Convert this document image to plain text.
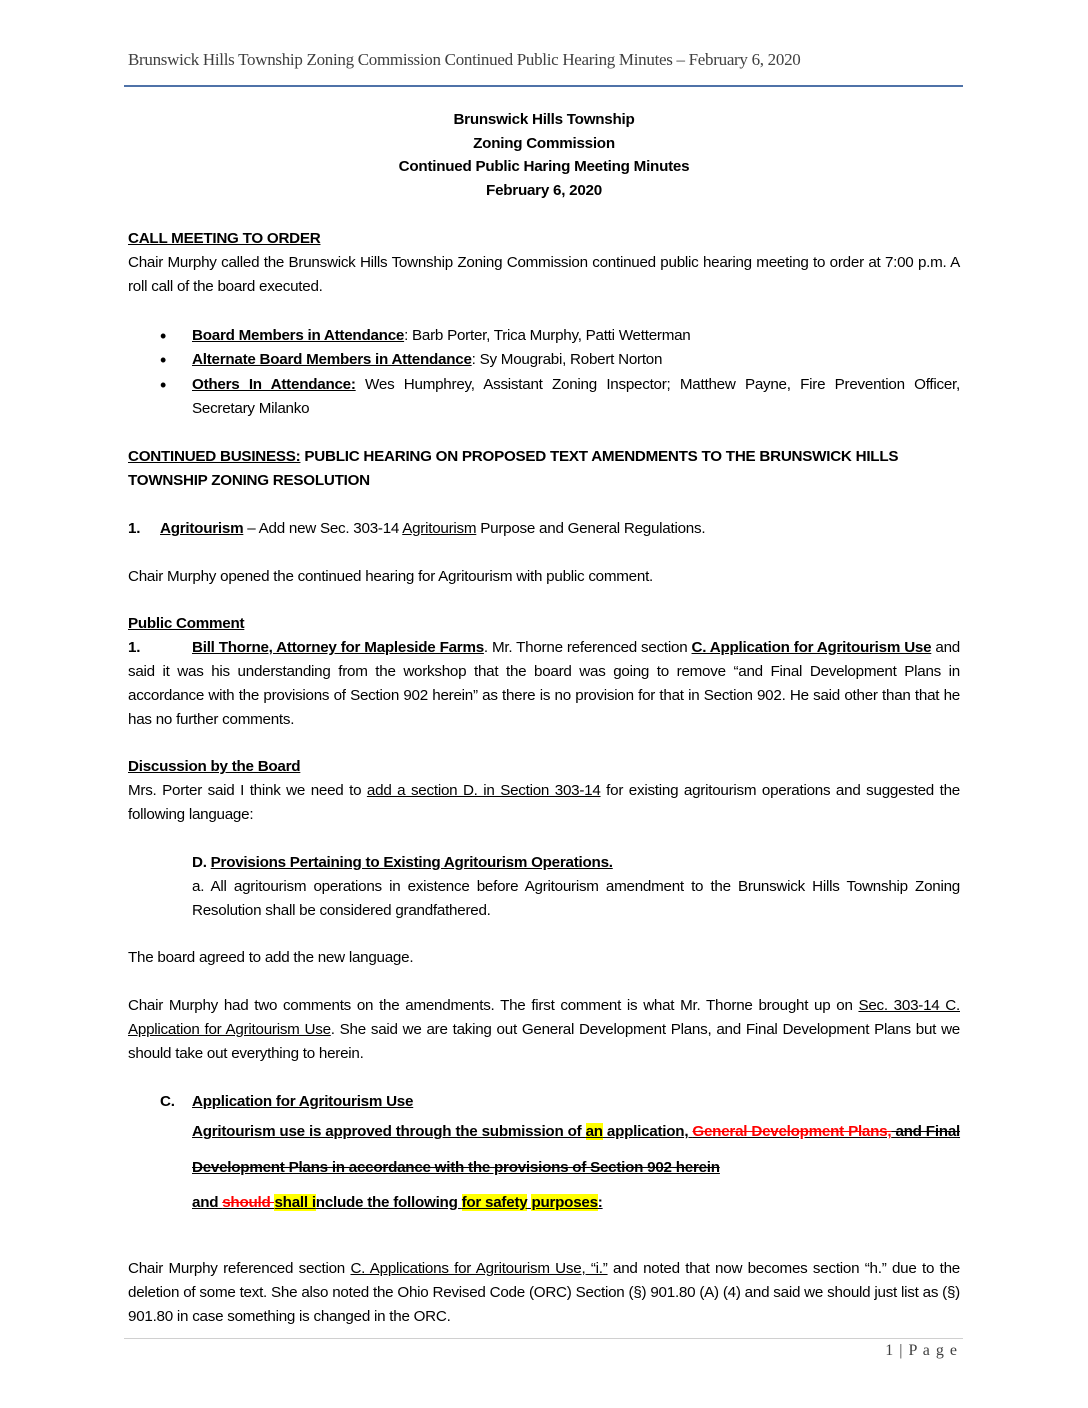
Brunswick Hills Township Zoning Commission Continued Public Hearing Minutes – February 6, 2020
Brunswick Hills Township
Zoning Commission
Continued Public Haring Meeting Minutes
February 6, 2020
CALL MEETING TO ORDER
Chair Murphy called the Brunswick Hills Township Zoning Commission continued public hearing meeting to order at 7:00 p.m. A roll call of the board executed.
• Board Members in Attendance: Barb Porter, Trica Murphy, Patti Wetterman
• Alternate Board Members in Attendance: Sy Mougrabi, Robert Norton
• Others In Attendance: Wes Humphrey, Assistant Zoning Inspector; Matthew Payne, Fire Prevention Officer, Secretary Milanko
CONTINUED BUSINESS: PUBLIC HEARING ON PROPOSED TEXT AMENDMENTS TO THE BRUNSWICK HILLS TOWNSHIP ZONING RESOLUTION
1. Agritourism – Add new Sec. 303-14 Agritourism Purpose and General Regulations.
Chair Murphy opened the continued hearing for Agritourism with public comment.
Public Comment
1.	Bill Thorne, Attorney for Mapleside Farms. Mr. Thorne referenced section C. Application for Agritourism Use and said it was his understanding from the workshop that the board was going to remove “and Final Development Plans in accordance with the provisions of Section 902 herein” as there is no provision for that in Section 902. He said other than that he has no further comments.
Discussion by the Board
Mrs. Porter said I think we need to add a section D. in Section 303-14 for existing agritourism operations and suggested the following language:
D. Provisions Pertaining to Existing Agritourism Operations.
a. All agritourism operations in existence before Agritourism amendment to the Brunswick Hills Township Zoning Resolution shall be considered grandfathered.
The board agreed to add the new language.
Chair Murphy had two comments on the amendments. The first comment is what Mr. Thorne brought up on Sec. 303-14 C. Application for Agritourism Use. She said we are taking out General Development Plans, and Final Development Plans but we should take out everything to herein.
C. Application for Agritourism Use
Agritourism use is approved through the submission of an application, General Development Plans, and Final Development Plans in accordance with the provisions of Section 902 herein
and should shall include the following for safety purposes:
Chair Murphy referenced section C. Applications for Agritourism Use, “i.” and noted that now becomes section “h.” due to the deletion of some text. She also noted the Ohio Revised Code (ORC) Section (§) 901.80 (A) (4) and said we should just list as (§) 901.80 in case something is changed in the ORC.
1 | P a g e
